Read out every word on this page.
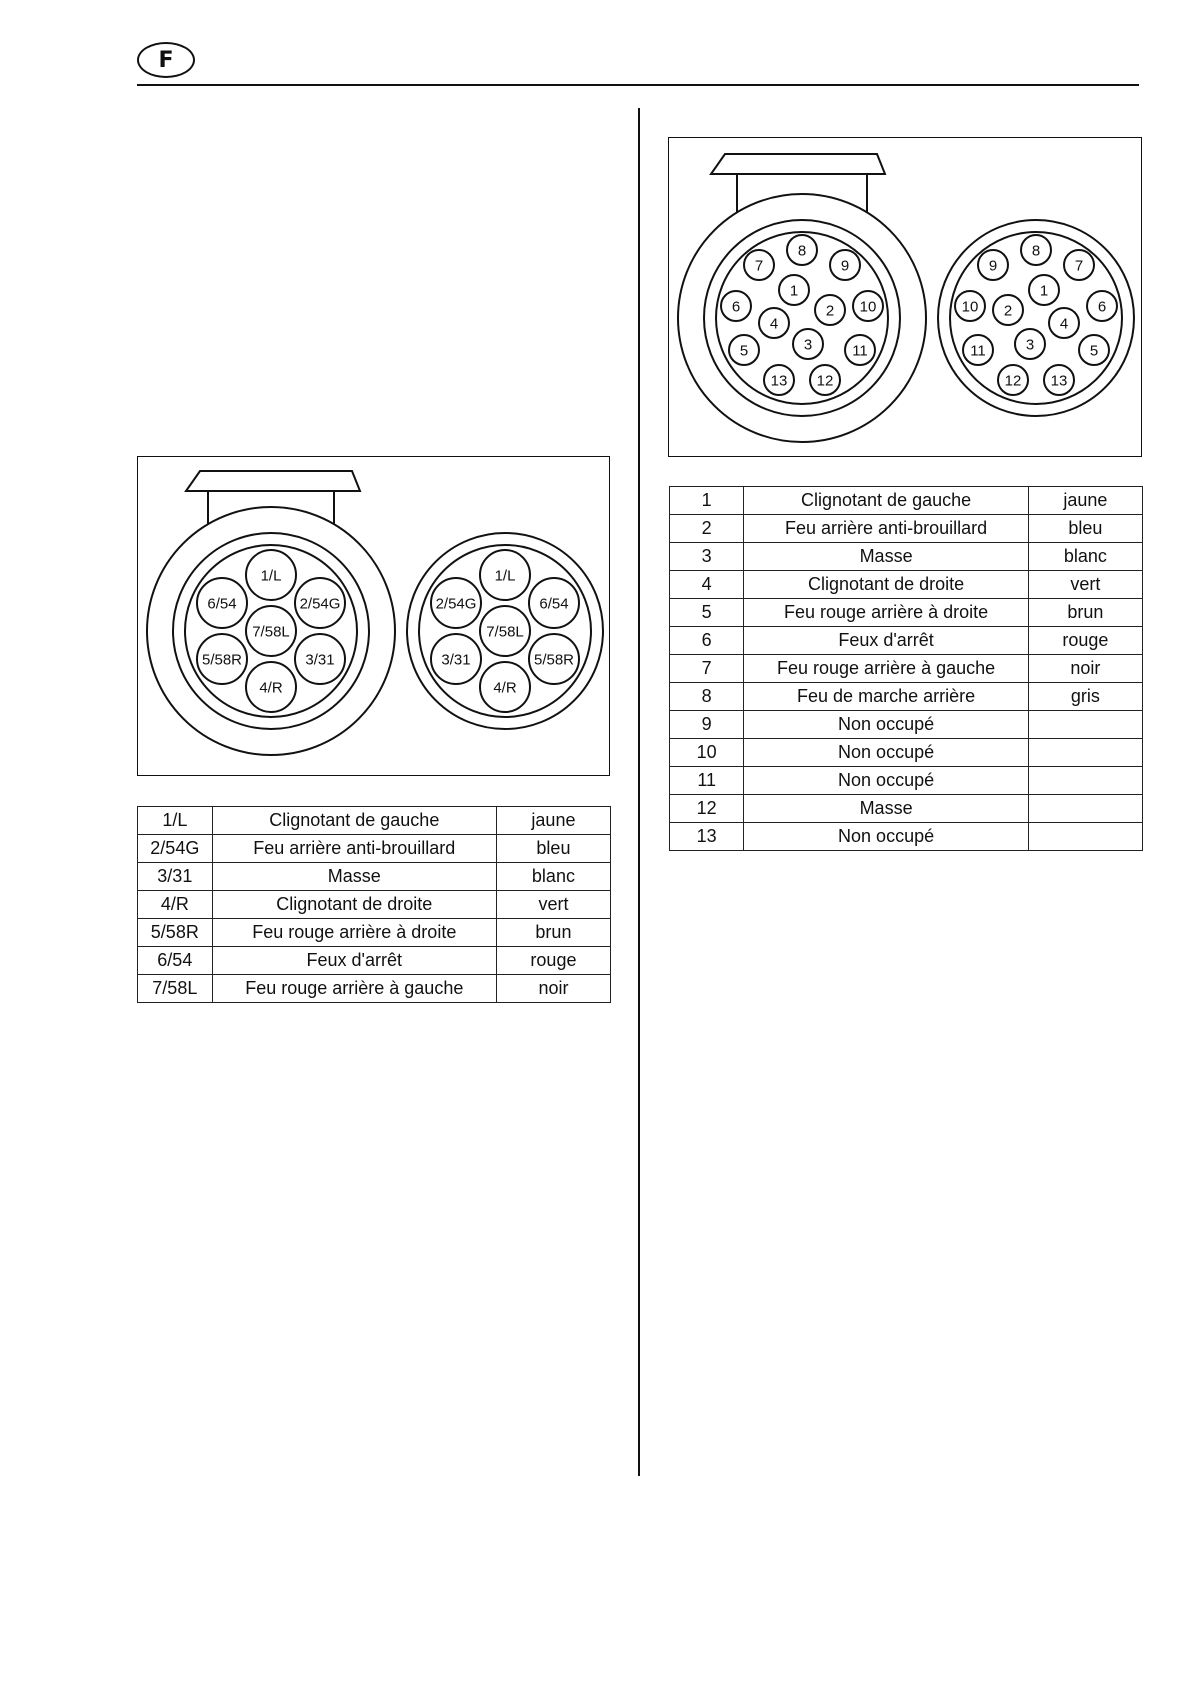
F
1/L
2/54G
3/31
4/R
5/58R
6/54
7/58L
1/L
2/54G
3/31
4/R
5/58R
6/54
7/58L
1/L	Clignotant de gauche	jaune
2/54G	Feu arrière anti-brouillard	bleu
3/31	Masse	blanc
4/R	Clignotant de droite	vert
5/58R	Feu rouge arrière à droite	brun
6/54	Feux d'arrêt	rouge
7/58L	Feu rouge arrière à gauche	noir
1
2
3
4
5
6
7
8
9
10
11
12
13
1
2
3
4
5
6
7
8
9
10
11
12 13
1	Clignotant de gauche	jaune
2	Feu arrière anti-brouillard	bleu
3	Masse	blanc
4	Clignotant de droite	vert
5	Feu rouge arrière à droite	brun
6	Feux d'arrêt	rouge
7	Feu rouge arrière à gauche	noir
8	Feu de marche arrière	gris
9	Non occupé	
10	Non occupé	
11	Non occupé	
12	Masse	
13	Non occupé	
